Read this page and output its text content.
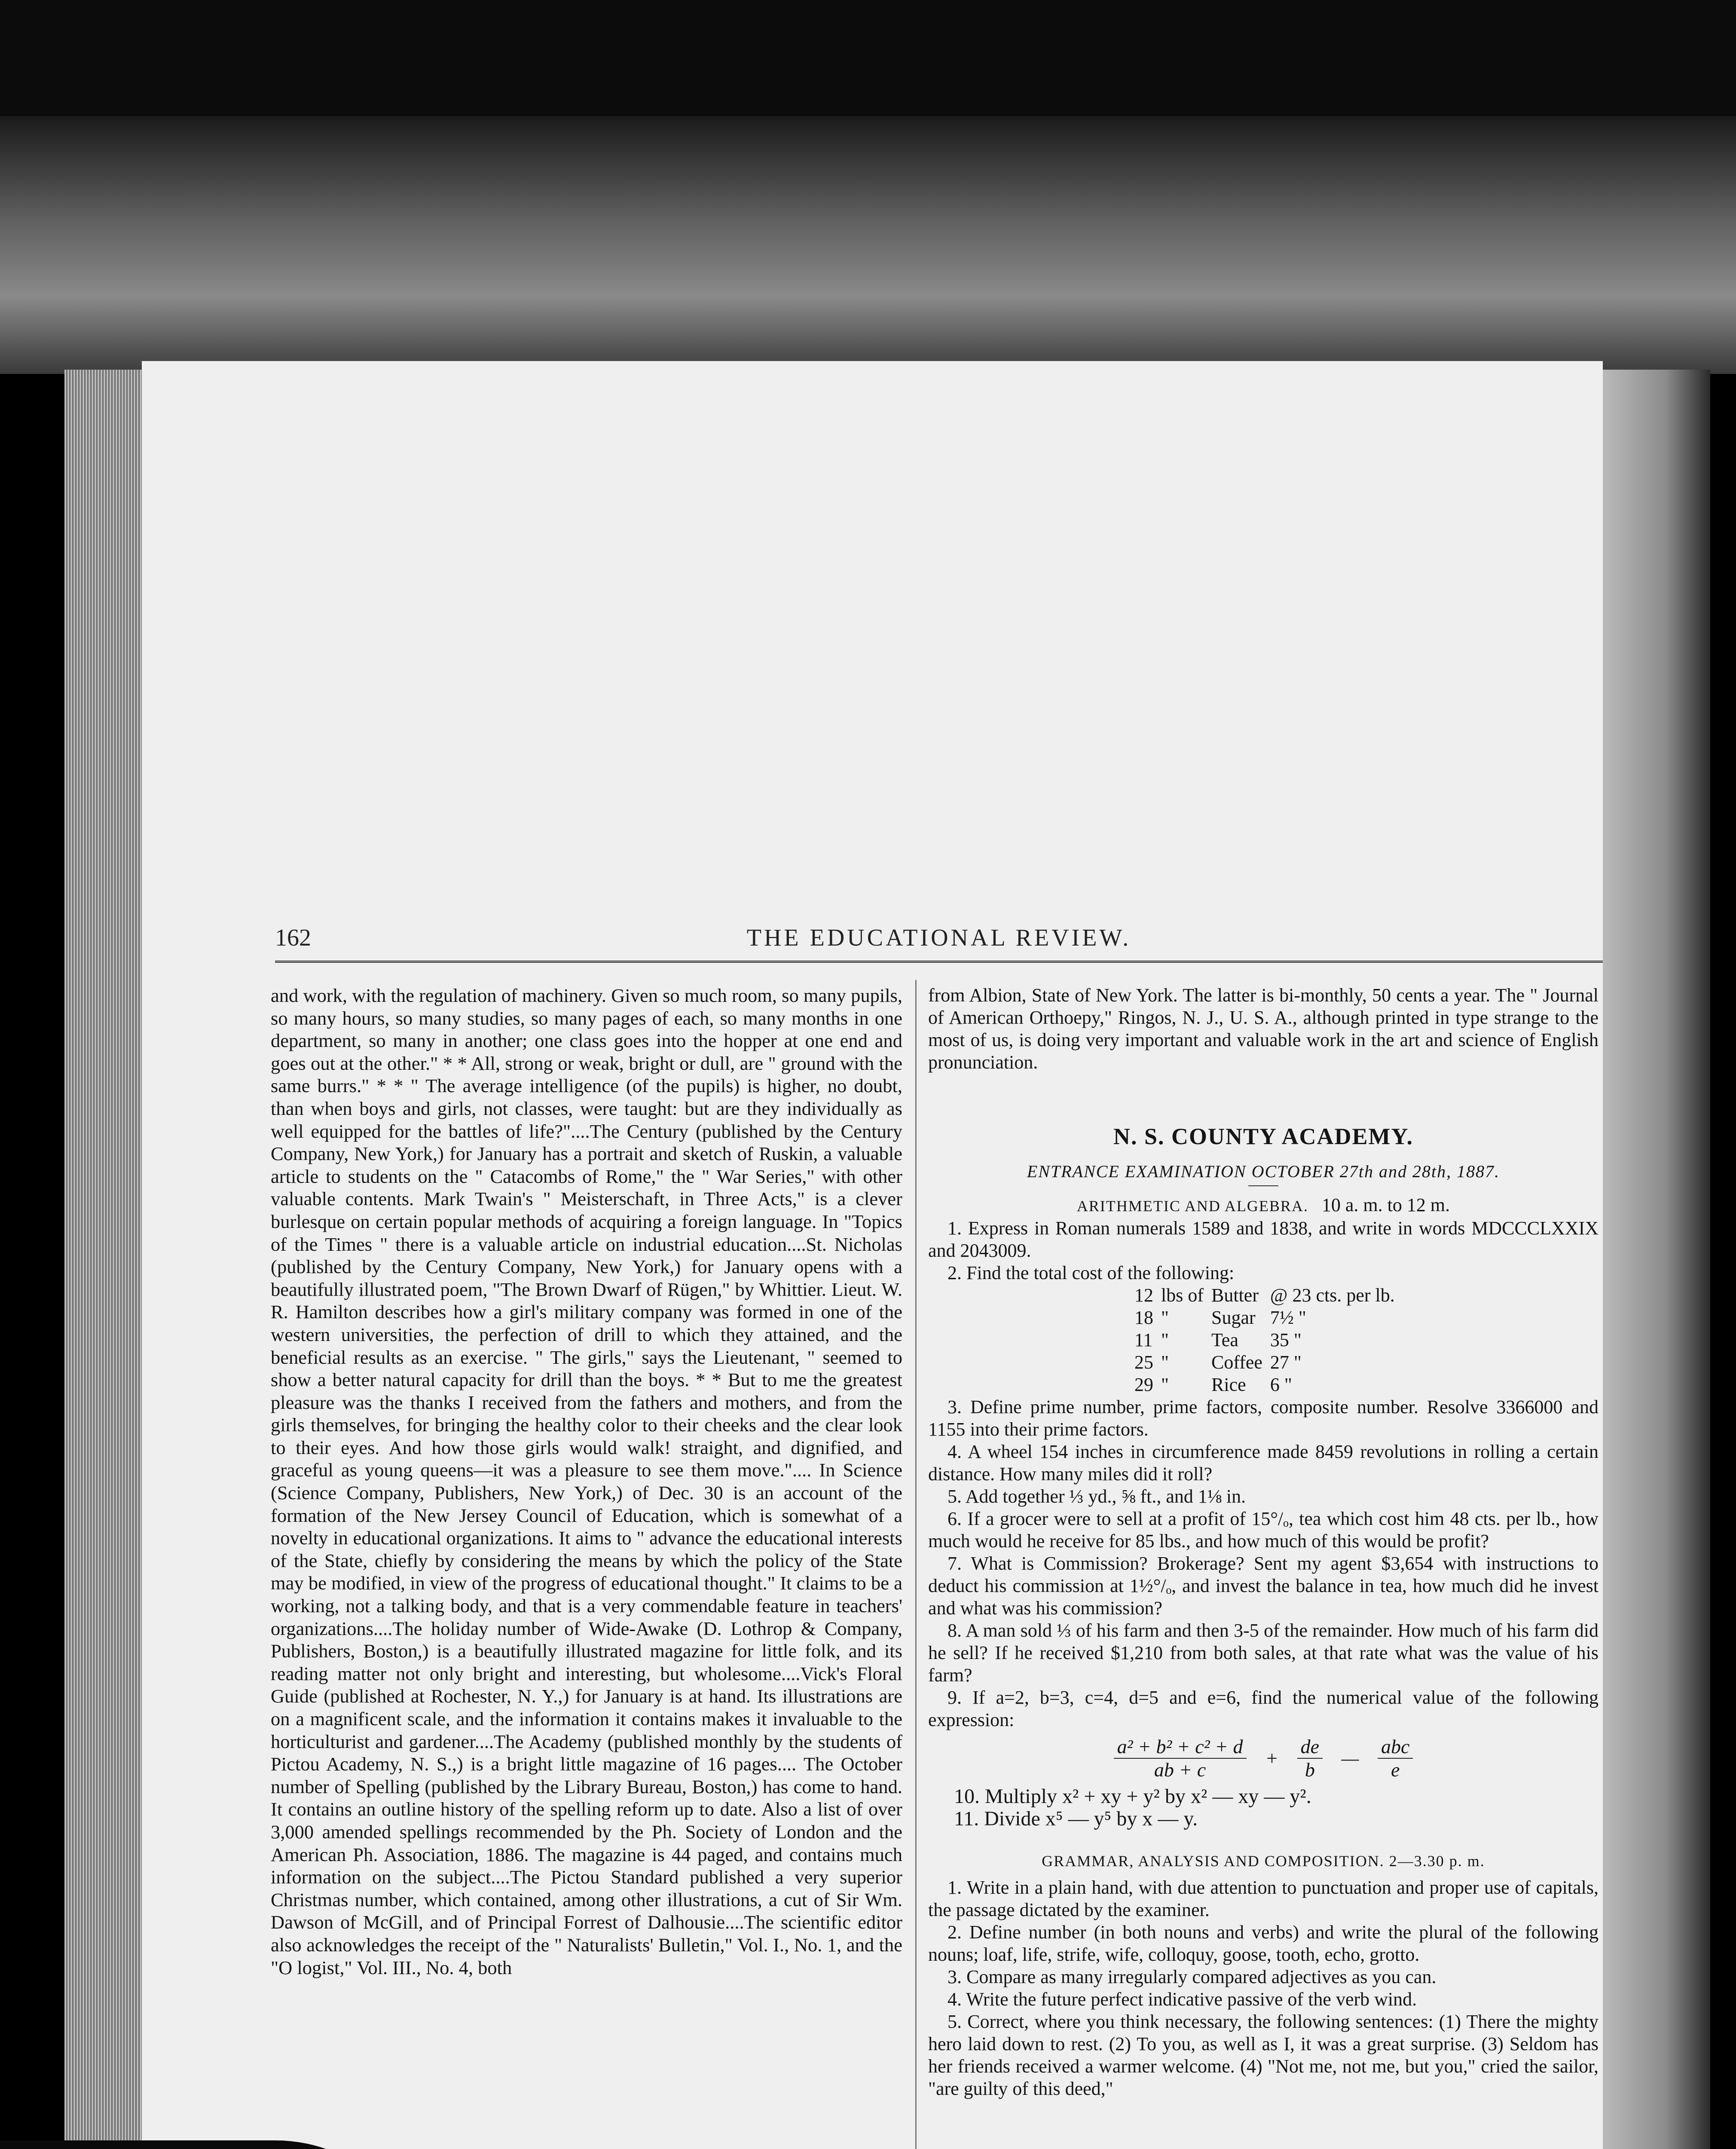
162	THE EDUCATIONAL REVIEW.

and work, with the regulation of machinery. Given so much room, so many pupils, so many hours, so many studies, so many pages of each, so many months in one department, so many in another; one class goes into the hopper at one end and goes out at the other." * * All, strong or weak, bright or dull, are " ground with the same burrs." * * " The average intelligence (of the pupils) is higher, no doubt, than when boys and girls, not classes, were taught: but are they individually as well equipped for the battles of life?"....The Century (published by the Century Company, New York,) for January has a portrait and sketch of Ruskin, a valuable article to students on the " Catacombs of Rome," the " War Series," with other valuable contents. Mark Twain's " Meisterschaft, in Three Acts," is a clever burlesque on certain popular methods of acquiring a foreign language. In "Topics of the Times " there is a valuable article on industrial education....St. Nicholas (published by the Century Company, New York,) for January opens with a beautifully illustrated poem, "The Brown Dwarf of Rügen," by Whittier. Lieut. W. R. Hamilton describes how a girl's military company was formed in one of the western universities, the perfection of drill to which they attained, and the beneficial results as an exercise. " The girls," says the Lieutenant, " seemed to show a better natural capacity for drill than the boys. * * But to me the greatest pleasure was the thanks I received from the fathers and mothers, and from the girls themselves, for bringing the healthy color to their cheeks and the clear look to their eyes. And how those girls would walk! straight, and dignified, and graceful as young queens—it was a pleasure to see them move.".... In Science (Science Company, Publishers, New York,) of Dec. 30 is an account of the formation of the New Jersey Council of Education, which is somewhat of a novelty in educational organizations. It aims to " advance the educational interests of the State, chiefly by considering the means by which the policy of the State may be modified, in view of the progress of educational thought." It claims to be a working, not a talking body, and that is a very commendable feature in teachers' organizations....The holiday number of Wide-Awake (D. Lothrop & Company, Publishers, Boston,) is a beautifully illustrated magazine for little folk, and its reading matter not only bright and interesting, but wholesome....Vick's Floral Guide (published at Rochester, N. Y.,) for January is at hand. Its illustrations are on a magnificent scale, and the information it contains makes it invaluable to the horticulturist and gardener....The Academy (published monthly by the students of Pictou Academy, N. S.,) is a bright little magazine of 16 pages.... The October number of Spelling (published by the Library Bureau, Boston,) has come to hand. It contains an outline history of the spelling reform up to date. Also a list of over 3,000 amended spellings recommended by the Ph. Society of London and the American Ph. Association, 1886. The magazine is 44 paged, and contains much information on the subject....The Pictou Standard published a very superior Christmas number, which contained, among other illustrations, a cut of Sir Wm. Dawson of McGill, and of Principal Forrest of Dalhousie....The scientific editor also acknowledges the receipt of the " Naturalists' Bulletin," Vol. I., No. 1, and the "O logist," Vol. III., No. 4, both

from Albion, State of New York. The latter is bi-monthly, 50 cents a year. The " Journal of American Orthoepy," Ringos, N. J., U. S. A., although printed in type strange to the most of us, is doing very important and valuable work in the art and science of English pronunciation.

N. S. COUNTY ACADEMY.
ENTRANCE EXAMINATION OCTOBER 27th and 28th, 1887.
ARITHMETIC AND ALGEBRA. 10 a. m. to 12 m.

1. Express in Roman numerals 1589 and 1838, and write in words MDCCCLXXIX and 2043009.

2. Find the total cost of the following:

12	lbs of	Butter	@ 23 cts. per lb.
18	"	Sugar	7½ "
11	"	Tea	35 "
25	"	Coffee	27 "
29	"	Rice	6 "

3. Define prime number, prime factors, composite number. Resolve 3366000 and 1155 into their prime factors.

4. A wheel 154 inches in circumference made 8459 revolutions in rolling a certain distance. How many miles did it roll?

5. Add together ⅓ yd., ⅝ ft., and 1⅛ in.

6. If a grocer were to sell at a profit of 15°/ₒ, tea which cost him 48 cts. per lb., how much would he receive for 85 lbs., and how much of this would be profit?

7. What is Commission? Brokerage? Sent my agent $3,654 with instructions to deduct his commission at 1½°/ₒ, and invest the balance in tea, how much did he invest and what was his commission?

8. A man sold ⅓ of his farm and then 3-5 of the remainder. How much of his farm did he sell? If he received $1,210 from both sales, at that rate what was the value of his farm?

9. If a=2, b=3, c=4, d=5 and e=6, find the numerical value of the following expression:

$\frac{\text{a² + b² + c² + d}}{ab + c} + \frac{de}{b}$ — $\frac{\text{abc}}{e}$

10. Multiply x² + xy + y² by x² — xy — y².

11. Divide x⁵ — y⁵ by x — y.

GRAMMAR, ANALYSIS AND COMPOSITION. 2—3.30 p. m.

1. Write in a plain hand, with due attention to punctuation and proper use of capitals, the passage dictated by the examiner.

2. Define number (in both nouns and verbs) and write the plural of the following nouns; loaf, life, strife, wife, colloquy, goose, tooth, echo, grotto.

3. Compare as many irregularly compared adjectives as you can.

4. Write the future perfect indicative passive of the verb wind.

5. Correct, where you think necessary, the following sentences: (1) There the mighty hero laid down to rest. (2) To you, as well as I, it was a great surprise. (3) Seldom has her friends received a warmer welcome. (4) "Not me, not me, but you," cried the sailor, "are guilty of this deed,"
